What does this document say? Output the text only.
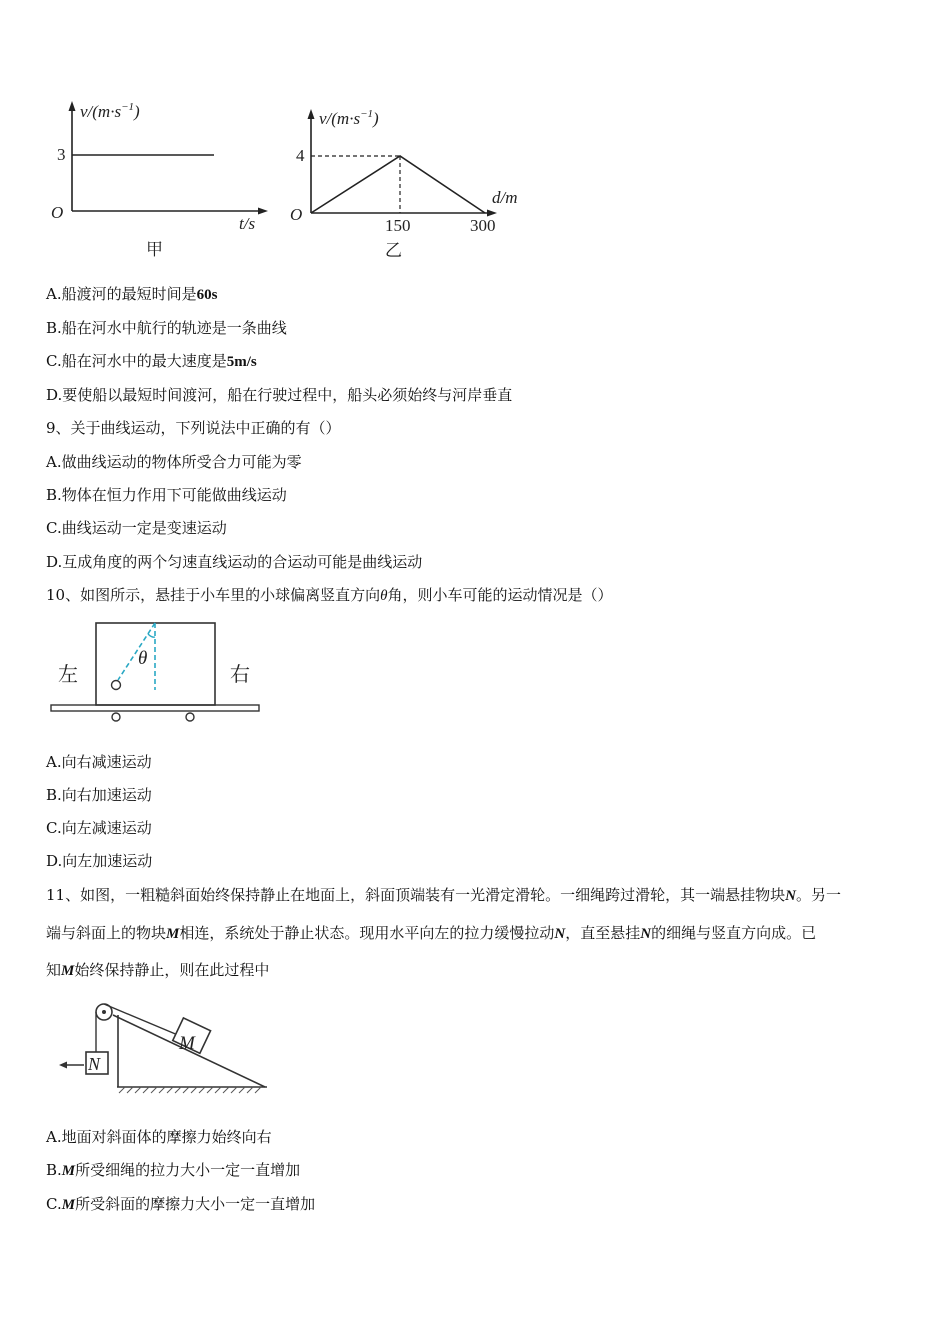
$v/(m\cdot s^{-1})$
3
O
t/s
甲
$v/(m\cdot s^{-1})$
4
O
d/m
150	300
乙
A.船渡河的最短时间是60s
B.船在河水中航行的轨迹是一条曲线
C.船在河水中的最大速度是5m/s
D.要使船以最短时间渡河，船在行驶过程中，船头必须始终与河岸垂直
9、关于曲线运动，下列说法中正确的有（）
A.做曲线运动的物体所受合力可能为零
B.物体在恒力作用下可能做曲线运动
C.曲线运动一定是变速运动
D.互成角度的两个匀速直线运动的合运动可能是曲线运动
10、如图所示，悬挂于小车里的小球偏离竖直方向θ角，则小车可能的运动情况是（）
θ
左	右
A.向右减速运动
B.向右加速运动
C.向左减速运动
D.向左加速运动
11、如图，一粗糙斜面始终保持静止在地面上，斜面顶端装有一光滑定滑轮。一细绳跨过滑轮，其一端悬挂物块N。另一
端与斜面上的物块M相连，系统处于静止状态。现用水平向左的拉力缓慢拉动N，直至悬挂N的细绳与竖直方向成。已
知M始终保持静止，则在此过程中
M
N
A.地面对斜面体的摩擦力始终向右
B.M所受细绳的拉力大小一定一直增加
C.M所受斜面的摩擦力大小一定一直增加
